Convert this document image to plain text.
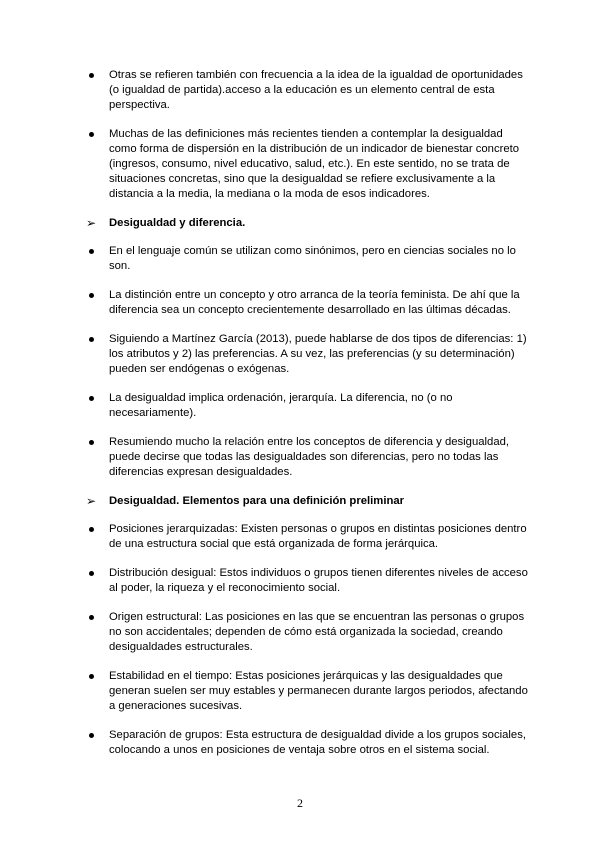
Otras se refieren también con frecuencia a la idea de la igualdad de oportunidades (o igualdad de partida).acceso a la educación es un elemento central de esta perspectiva.
Muchas de las definiciones más recientes tienden a contemplar la desigualdad como forma de dispersión en la distribución de un indicador de bienestar concreto (ingresos, consumo, nivel educativo, salud, etc.). En este sentido, no se trata de situaciones concretas, sino que la desigualdad se refiere exclusivamente a la distancia a la media, la mediana o la moda de esos indicadores.
➢ Desigualdad y diferencia.
En el lenguaje común se utilizan como sinónimos, pero en ciencias sociales no lo son.
La distinción entre un concepto y otro arranca de la teoría feminista. De ahí que la diferencia sea un concepto crecientemente desarrollado en las últimas décadas.
Siguiendo a Martínez García (2013), puede hablarse de dos tipos de diferencias: 1) los atributos y 2) las preferencias. A su vez, las preferencias (y su determinación) pueden ser endógenas o exógenas.
La desigualdad implica ordenación, jerarquía. La diferencia, no (o no necesariamente).
Resumiendo mucho la relación entre los conceptos de diferencia y desigualdad, puede decirse que todas las desigualdades son diferencias, pero no todas las diferencias expresan desigualdades.
➢ Desigualdad. Elementos para una definición preliminar
Posiciones jerarquizadas: Existen personas o grupos en distintas posiciones dentro de una estructura social que está organizada de forma jerárquica.
Distribución desigual: Estos individuos o grupos tienen diferentes niveles de acceso al poder, la riqueza y el reconocimiento social.
Origen estructural: Las posiciones en las que se encuentran las personas o grupos no son accidentales; dependen de cómo está organizada la sociedad, creando desigualdades estructurales.
Estabilidad en el tiempo: Estas posiciones jerárquicas y las desigualdades que generan suelen ser muy estables y permanecen durante largos periodos, afectando a generaciones sucesivas.
Separación de grupos: Esta estructura de desigualdad divide a los grupos sociales, colocando a unos en posiciones de ventaja sobre otros en el sistema social.
2
